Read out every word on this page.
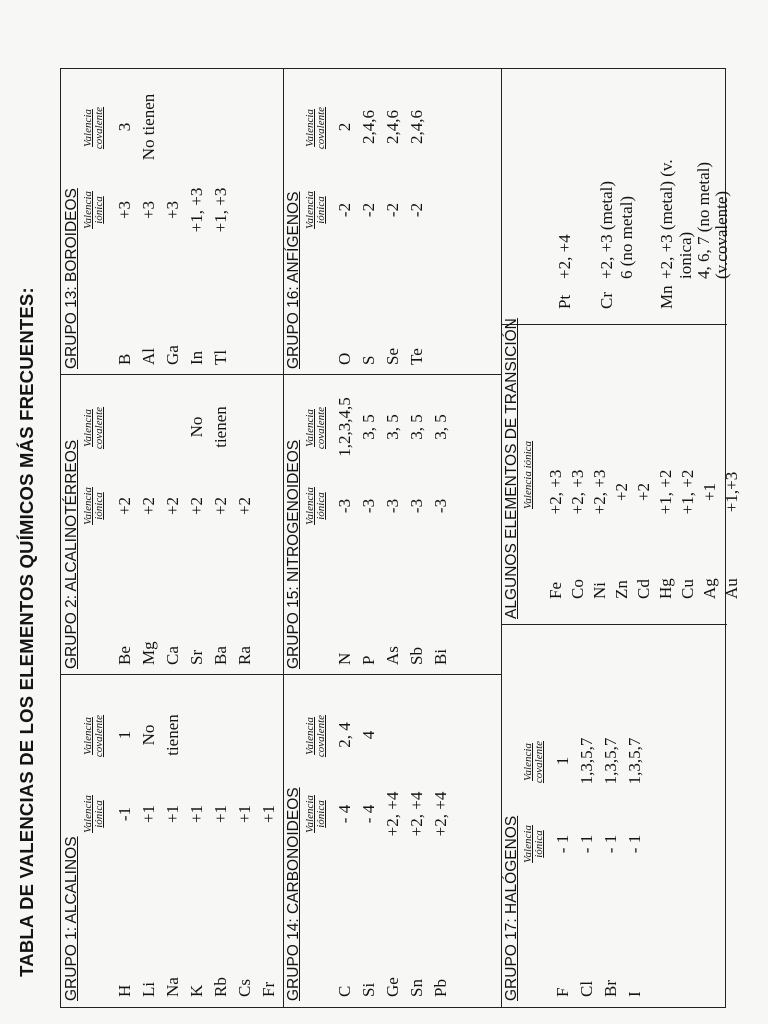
TABLA DE VALENCIAS DE LOS ELEMENTOS QUÍMICOS MÁS FRECUENTES: GRUPO 1: ALCALINOS
Valencia
iónica
Valencia
covalente
H
-1
1
Li
+1
No
Na
+1
tienen
K
+1
Rb
+1
Cs
+1
Fr
+1
GRUPO 2: ALCALINOTÉRREOS Valencia
iónica
Valencia
covalente
Be
+2
Mg
+2
Ca
+2
Sr
+2
No
Ba
+2
tienen
Ra
+2
GRUPO 13: BOROIDEOS Valencia
iónica
Valencia
covalente
B
+3
3
Al
+3
No tienen
Ga
+3
In
+1, +3
Tl
+1, +3
GRUPO 14: CARBONOIDEOS Valencia
iónica
Valencia
covalente
C
- 4
2, 4
Si
- 4
4
Ge
+2, +4
Sn
+2, +4
Pb
+2, +4
GRUPO 15: NITROGENOIDEOS Valencia
iónica
Valencia
covalente
N
-3
1,2,3,4,5
P
-3
3, 5
As
-3
3, 5
Sb
-3
3, 5
Bi
-3
3, 5
GRUPO 16: ANFÍGENOS Valencia
iónica
Valencia
covalente
O
-2
2
S
-2
2,4,6
Se
-2
2,4,6
Te
-2
2,4,6
GRUPO 17: HALÓGENOS Valencia
iónica
Valencia
covalente
F
- 1
1
Cl
- 1
1,3,5,7
Br
- 1
1,3,5,7
I
- 1
1,3,5,7
ALGUNOS ELEMENTOS DE TRANSICIÓN Valencia iónica
Pt
+2, +4
Cr
+2, +3 (metal) 6 (no metal)
Mn
+2, +3 (metal) (v. ionica) 4, 6, 7 (no metal) (v.covalente)
Fe
+2, +3
Co
+2, +3
Ni
+2, +3
Zn
+2
Cd
+2
Hg
+1, +2
Cu
+1, +2
Ag
+1
Au
+1,+3
